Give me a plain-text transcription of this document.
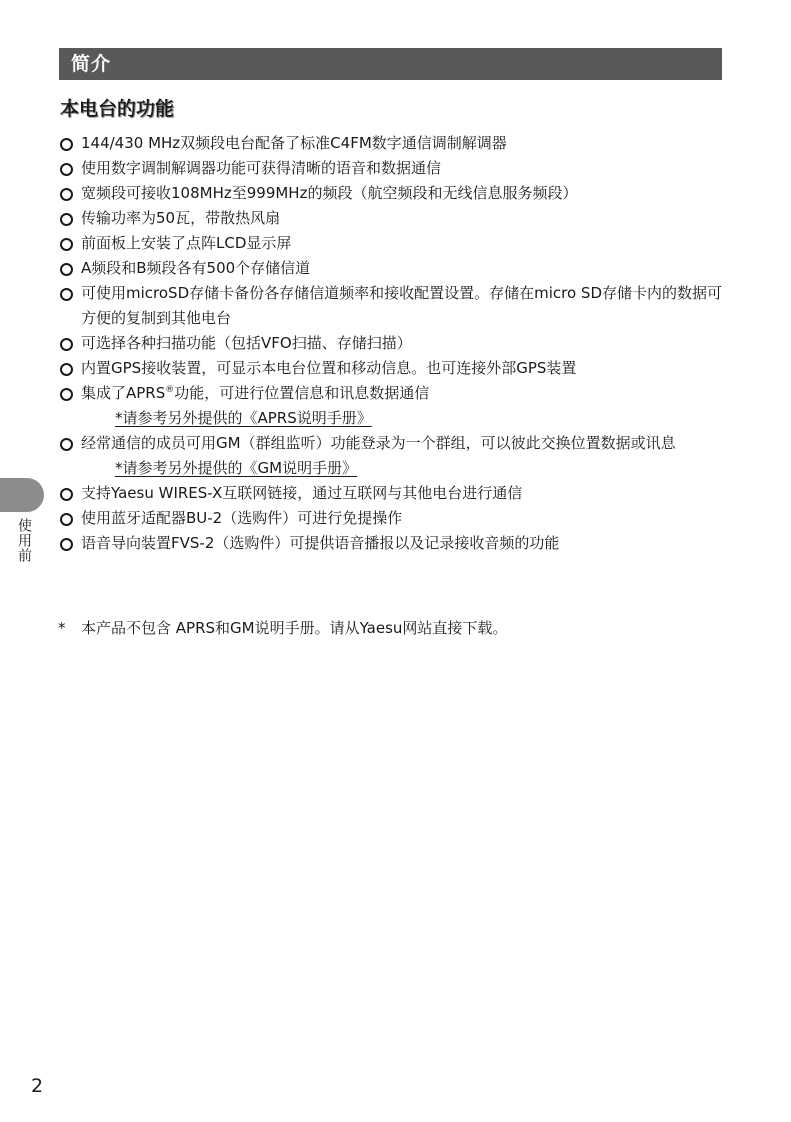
简介
本电台的功能
144/430 MHz双频段电台配备了标准C4FM数字通信调制解调器
使用数字调制解调器功能可获得清晰的语音和数据通信
宽频段可接收108MHz至999MHz的频段（航空频段和无线信息服务频段）
传输功率为50瓦，带散热风扇
前面板上安装了点阵LCD显示屏
A频段和B频段各有500个存储信道
可使用microSD存储卡备份各存储信道频率和接收配置设置。存储在micro SD存储卡内的数据可方便的复制到其他电台
可选择各种扫描功能（包括VFO扫描、存储扫描）
内置GPS接收装置，可显示本电台位置和移动信息。也可连接外部GPS装置
集成了APRS®功能，可进行位置信息和讯息数据通信
*请参考另外提供的《APRS说明手册》
经常通信的成员可用GM（群组监听）功能登录为一个群组，可以彼此交换位置数据或讯息
*请参考另外提供的《GM说明手册》
支持Yaesu WIRES-X互联网链接，通过互联网与其他电台进行通信
使用蓝牙适配器BU-2（选购件）可进行免提操作
语音导向装置FVS-2（选购件）可提供语音播报以及记录接收音频的功能
* 本产品不包含 APRS和GM说明手册。请从Yaesu网站直接下载。
使用前
2
